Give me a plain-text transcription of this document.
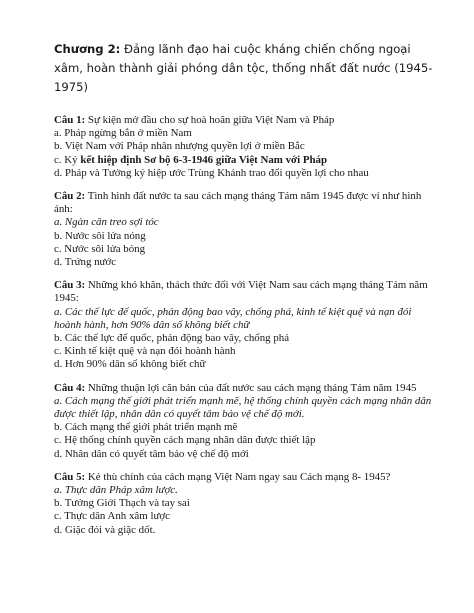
Chương 2: Đảng lãnh đạo hai cuộc kháng chiến chống ngoại xâm, hoàn thành giải phóng dân tộc, thống nhất đất nước (1945-1975)
Câu 1: Sự kiện mở đầu cho sự hoà hoãn giữa Việt Nam và Pháp
a. Pháp ngừng bắn ở miền Nam
b. Việt Nam với Pháp nhân nhượng quyền lợi ở miền Bắc
c. Ký kết hiệp định Sơ bộ 6-3-1946 giữa Việt Nam với Pháp
d. Pháp và Tưởng ký hiệp ước Trùng Khánh trao đổi quyền lợi cho nhau
Câu 2: Tình hình đất nước ta sau cách mạng tháng Tám năm 1945 được ví như hình ảnh:
a. Ngàn cân treo sợi tóc
b. Nước sôi lửa nóng
c. Nước sôi lửa bỏng
d. Trứng nước
Câu 3: Những khó khăn, thách thức đối với Việt Nam sau cách mạng tháng Tám năm 1945:
a. Các thế lực đế quốc, phản động bao vây, chống phá, kinh tế kiệt quệ và nạn đói hoành hành, hơn 90% dân số không biết chữ
b. Các thế lực đế quốc, phản động bao vây, chống phá
c. Kinh tế kiệt quệ và nạn đói hoành hành
d. Hơn 90% dân số không biết chữ
Câu 4: Những thuận lợi căn bản của đất nước sau cách mạng tháng Tám năm 1945
a. Cách mạng thế giới phát triển mạnh mẽ, hệ thống chính quyền cách mạng nhân dân được thiết lập, nhân dân có quyết tâm bảo vệ chế độ mới.
b. Cách mạng thế giới phát triển mạnh mẽ
c. Hệ thống chính quyền cách mạng nhân dân được thiết lập
d. Nhân dân có quyết tâm bảo vệ chế độ mới
Câu 5: Kẻ thù chính của cách mạng Việt Nam ngay sau Cách mạng 8- 1945?
a. Thực dân Pháp xâm lược.
b. Tưởng Giới Thạch và tay sai
c. Thực dân Anh xâm lược
d. Giặc đói và giặc dốt.
